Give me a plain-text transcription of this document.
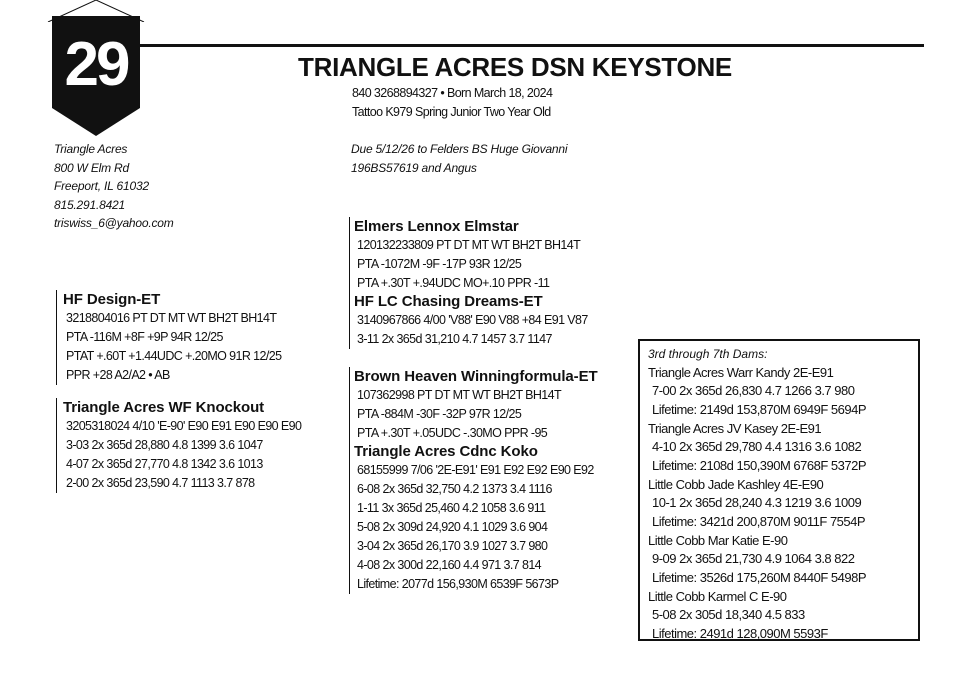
29	TRIANGLE ACRES DSN KEYSTONE
840 3268894327 • Born March 18, 2024
Tattoo K979 Spring Junior Two Year Old
Triangle Acres
800 W Elm Rd
Freeport, IL 61032
815.291.8421
triswiss_6@yahoo.com
Due 5/12/26 to Felders BS Huge Giovanni
196BS57619 and Angus
HF Design-ET
3218804016 PT DT MT WT BH2T BH14T
PTA -116M +8F +9P 94R 12/25
PTAT +.60T +1.44UDC +.20MO 91R 12/25
PPR +28 A2/A2 • AB
Triangle Acres WF Knockout
3205318024 4/10 'E-90' E90 E91 E90 E90 E90
3-03 2x 365d 28,880 4.8 1399 3.6 1047
4-07 2x 365d 27,770 4.8 1342 3.6 1013
2-00 2x 365d 23,590 4.7 1113 3.7 878
Elmers Lennox Elmstar
120132233809 PT DT MT WT BH2T BH14T
PTA -1072M -9F -17P 93R 12/25
PTA +.30T +.94UDC MO+.10 PPR -11
HF LC Chasing Dreams-ET
3140967866 4/00 'V88' E90 V88 +84 E91 V87
3-11 2x 365d 31,210 4.7 1457 3.7 1147
Brown Heaven Winningformula-ET
107362998 PT DT MT WT BH2T BH14T
PTA -884M -30F -32P 97R 12/25
PTA +.30T +.05UDC -.30MO PPR -95
Triangle Acres Cdnc Koko
68155999 7/06 '2E-E91' E91 E92 E92 E90 E92
6-08 2x 365d 32,750 4.2 1373 3.4 1116
1-11 3x 365d 25,460 4.2 1058 3.6 911
5-08 2x 309d 24,920 4.1 1029 3.6 904
3-04 2x 365d 26,170 3.9 1027 3.7 980
4-08 2x 300d 22,160 4.4 971 3.7 814
Lifetime: 2077d 156,930M 6539F 5673P
3rd through 7th Dams:
Triangle Acres Warr Kandy 2E-E91
7-00 2x 365d 26,830 4.7 1266 3.7 980
Lifetime: 2149d 153,870M 6949F 5694P
Triangle Acres JV Kasey 2E-E91
4-10 2x 365d 29,780 4.4 1316 3.6 1082
Lifetime: 2108d 150,390M 6768F 5372P
Little Cobb Jade Kashley 4E-E90
10-1 2x 365d 28,240 4.3 1219 3.6 1009
Lifetime: 3421d 200,870M 9011F 7554P
Little Cobb Mar Katie E-90
9-09 2x 365d 21,730 4.9 1064 3.8 822
Lifetime: 3526d 175,260M 8440F 5498P
Little Cobb Karmel C E-90
5-08 2x 305d 18,340 4.5 833
Lifetime: 2491d 128,090M 5593F
